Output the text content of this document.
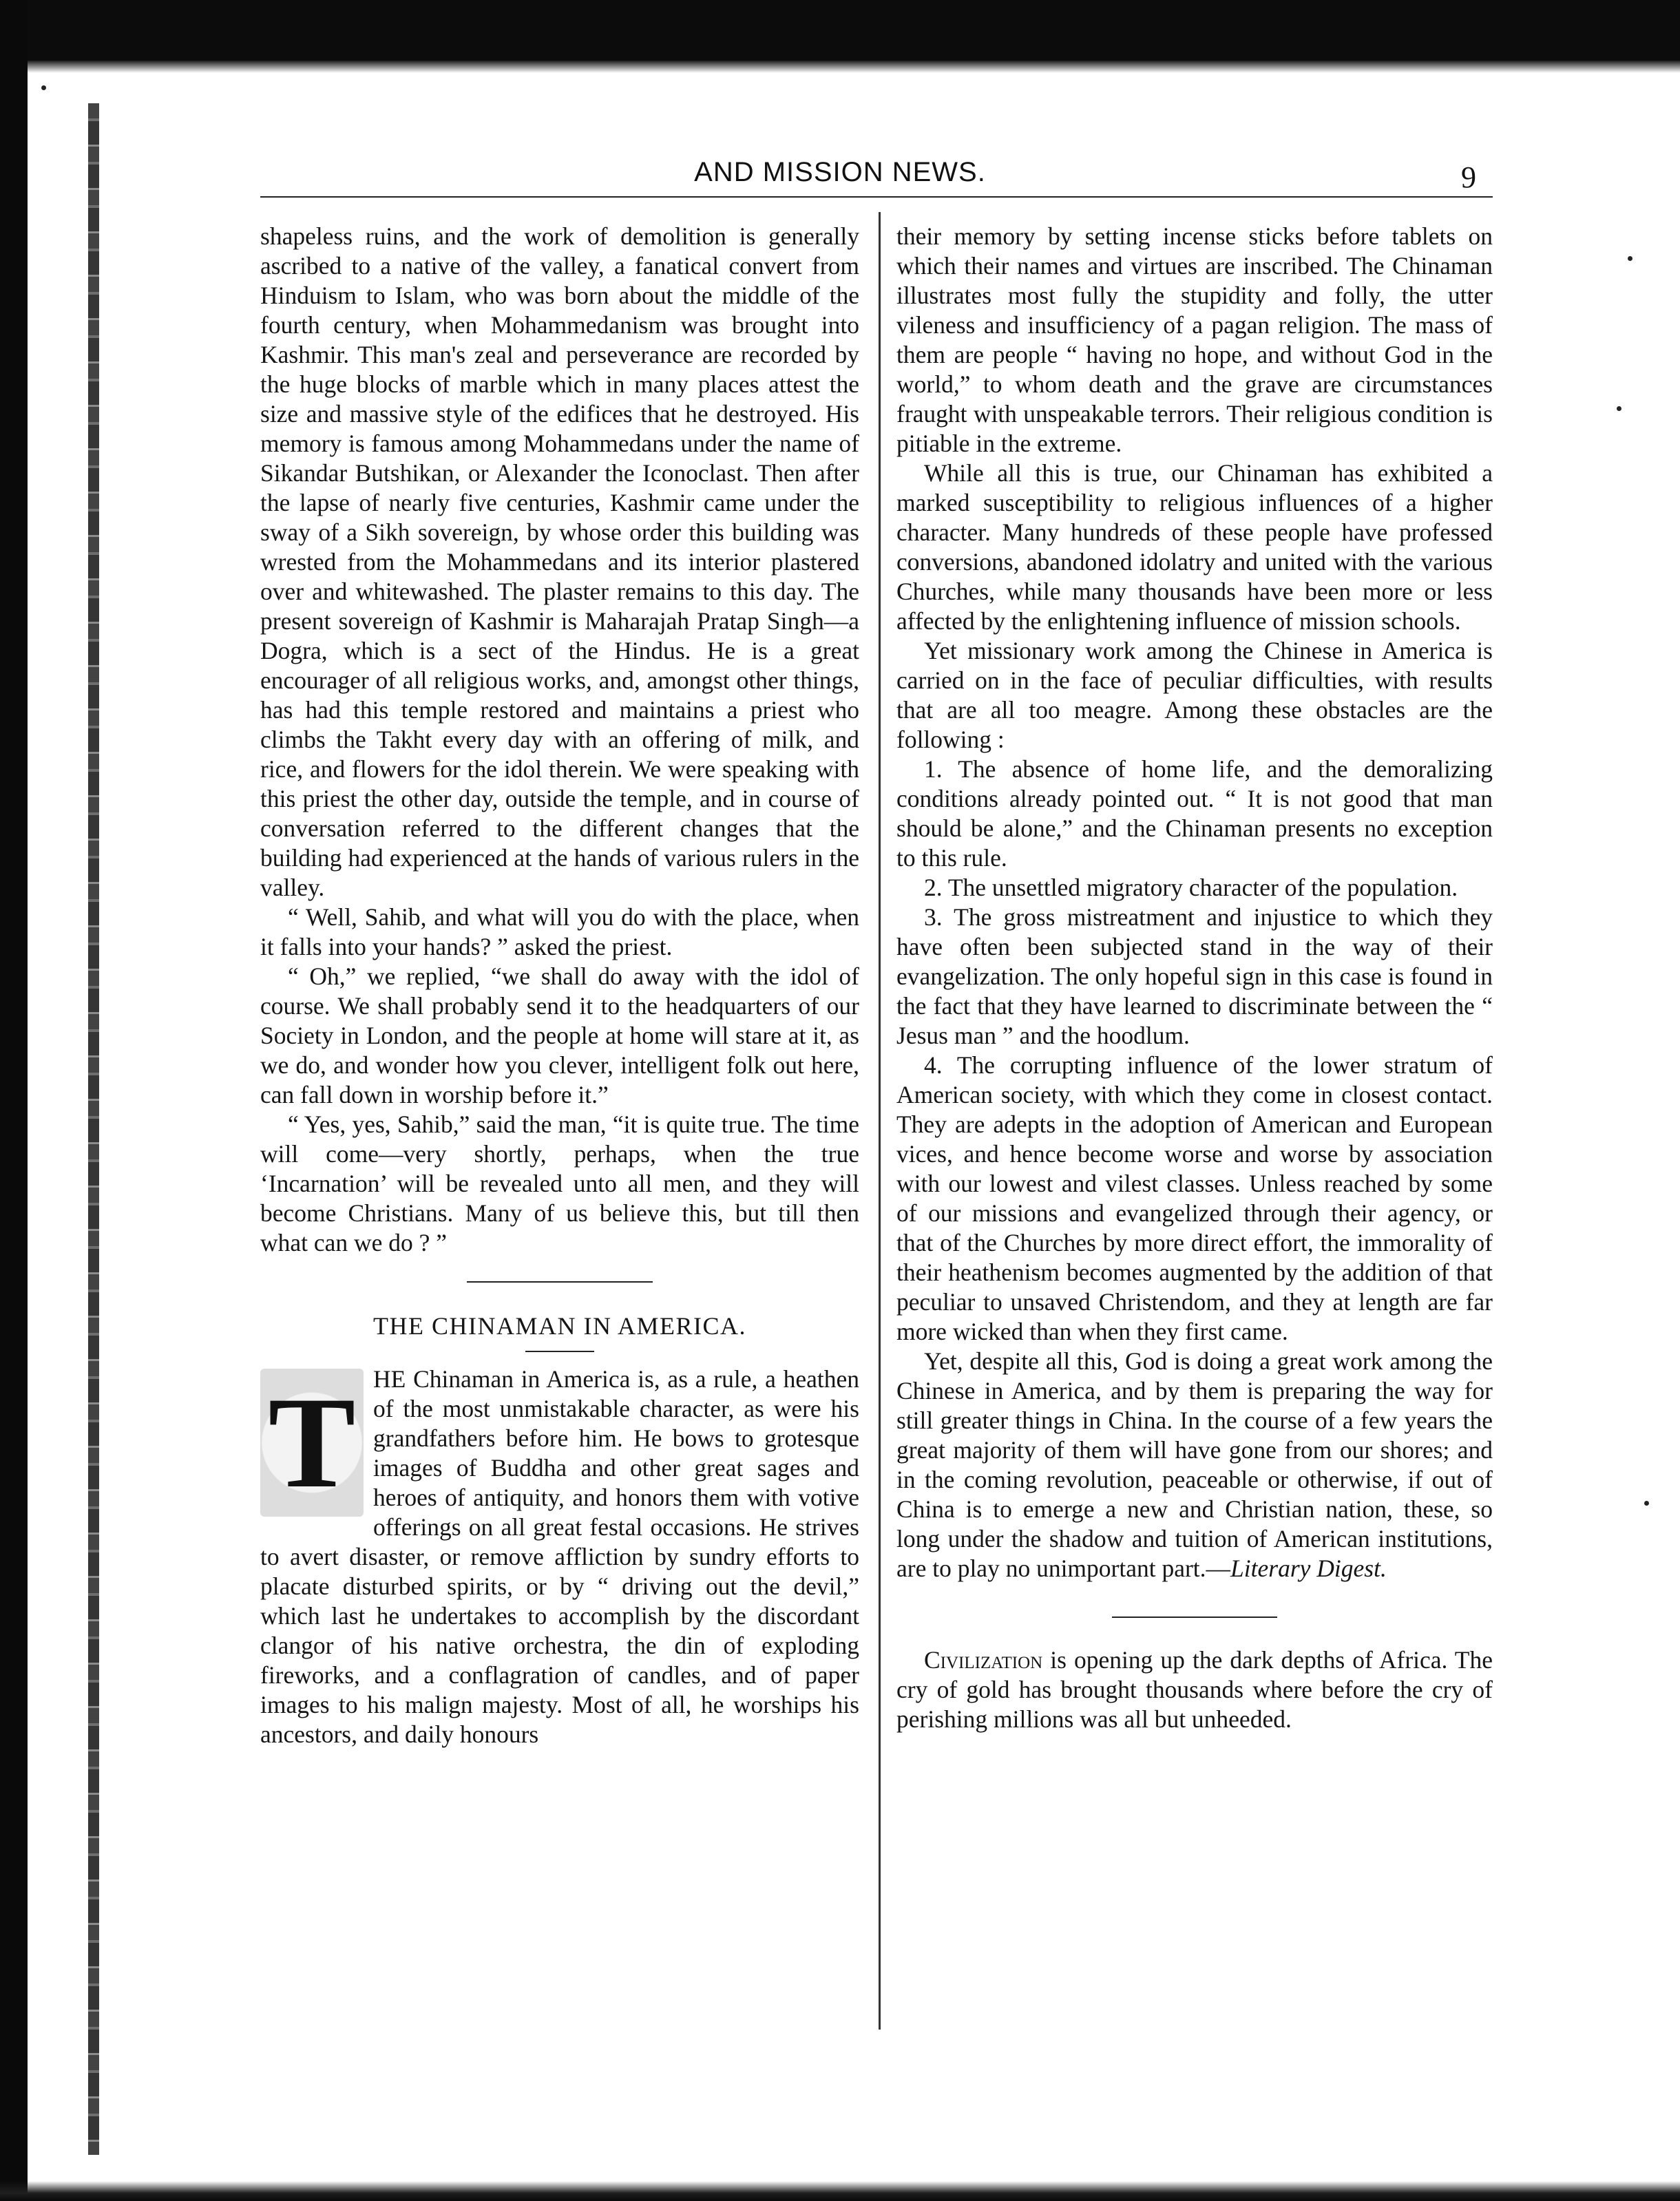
AND MISSION NEWS.	9

shapeless ruins, and the work of demolition is generally ascribed to a native of the valley, a fanatical convert from Hinduism to Islam, who was born about the middle of the fourth century, when Mohammedanism was brought into Kashmir. This man's zeal and perseverance are recorded by the huge blocks of marble which in many places attest the size and massive style of the edifices that he destroyed. His memory is famous among Mohammedans under the name of Sikandar Butshikan, or Alexander the Iconoclast. Then after the lapse of nearly five centuries, Kashmir came under the sway of a Sikh sovereign, by whose order this building was wrested from the Mohammedans and its interior plastered over and whitewashed. The plaster remains to this day. The present sovereign of Kashmir is Maharajah Pratap Singh—a Dogra, which is a sect of the Hindus. He is a great encourager of all religious works, and, amongst other things, has had this temple restored and maintains a priest who climbs the Takht every day with an offering of milk, and rice, and flowers for the idol therein. We were speaking with this priest the other day, outside the temple, and in course of conversation referred to the different changes that the building had experienced at the hands of various rulers in the valley.

“ Well, Sahib, and what will you do with the place, when it falls into your hands? ” asked the priest.

“ Oh,” we replied, “we shall do away with the idol of course. We shall probably send it to the headquarters of our Society in London, and the people at home will stare at it, as we do, and wonder how you clever, intelligent folk out here, can fall down in worship before it.”

“ Yes, yes, Sahib,” said the man, “it is quite true. The time will come—very shortly, perhaps, when the true ‘Incarnation’ will be revealed unto all men, and they will become Christians. Many of us believe this, but till then what can we do ? ”

THE CHINAMAN IN AMERICA.

T HE Chinaman in America is, as a rule, a heathen of the most unmistakable character, as were his grandfathers before him. He bows to grotesque images of Buddha and other great sages and heroes of antiquity, and honors them with votive offerings on all great festal occasions. He strives to avert disaster, or remove affliction by sundry efforts to placate disturbed spirits, or by “ driving out the devil,” which last he undertakes to accomplish by the discordant clangor of his native orchestra, the din of exploding fireworks, and a conflagration of candles, and of paper images to his malign majesty. Most of all, he worships his ancestors, and daily honours

their memory by setting incense sticks before tablets on which their names and virtues are inscribed. The Chinaman illustrates most fully the stupidity and folly, the utter vileness and insufficiency of a pagan religion. The mass of them are people “ having no hope, and without God in the world,” to whom death and the grave are circumstances fraught with unspeakable terrors. Their religious condition is pitiable in the extreme.

While all this is true, our Chinaman has exhibited a marked susceptibility to religious influences of a higher character. Many hundreds of these people have professed conversions, abandoned idolatry and united with the various Churches, while many thousands have been more or less affected by the enlightening influence of mission schools.

Yet missionary work among the Chinese in America is carried on in the face of peculiar difficulties, with results that are all too meagre. Among these obstacles are the following :

1. The absence of home life, and the demoralizing conditions already pointed out. “ It is not good that man should be alone,” and the Chinaman presents no exception to this rule.

2. The unsettled migratory character of the population.

3. The gross mistreatment and injustice to which they have often been subjected stand in the way of their evangelization. The only hopeful sign in this case is found in the fact that they have learned to discriminate between the “ Jesus man ” and the hoodlum.

4. The corrupting influence of the lower stratum of American society, with which they come in closest contact. They are adepts in the adoption of American and European vices, and hence become worse and worse by association with our lowest and vilest classes. Unless reached by some of our missions and evangelized through their agency, or that of the Churches by more direct effort, the immorality of their heathenism becomes augmented by the addition of that peculiar to unsaved Christendom, and they at length are far more wicked than when they first came.

Yet, despite all this, God is doing a great work among the Chinese in America, and by them is preparing the way for still greater things in China. In the course of a few years the great majority of them will have gone from our shores; and in the coming revolution, peaceable or otherwise, if out of China is to emerge a new and Christian nation, these, so long under the shadow and tuition of American institutions, are to play no unimportant part.—Literary Digest.

Civilization is opening up the dark depths of Africa. The cry of gold has brought thousands where before the cry of perishing millions was all but unheeded.
